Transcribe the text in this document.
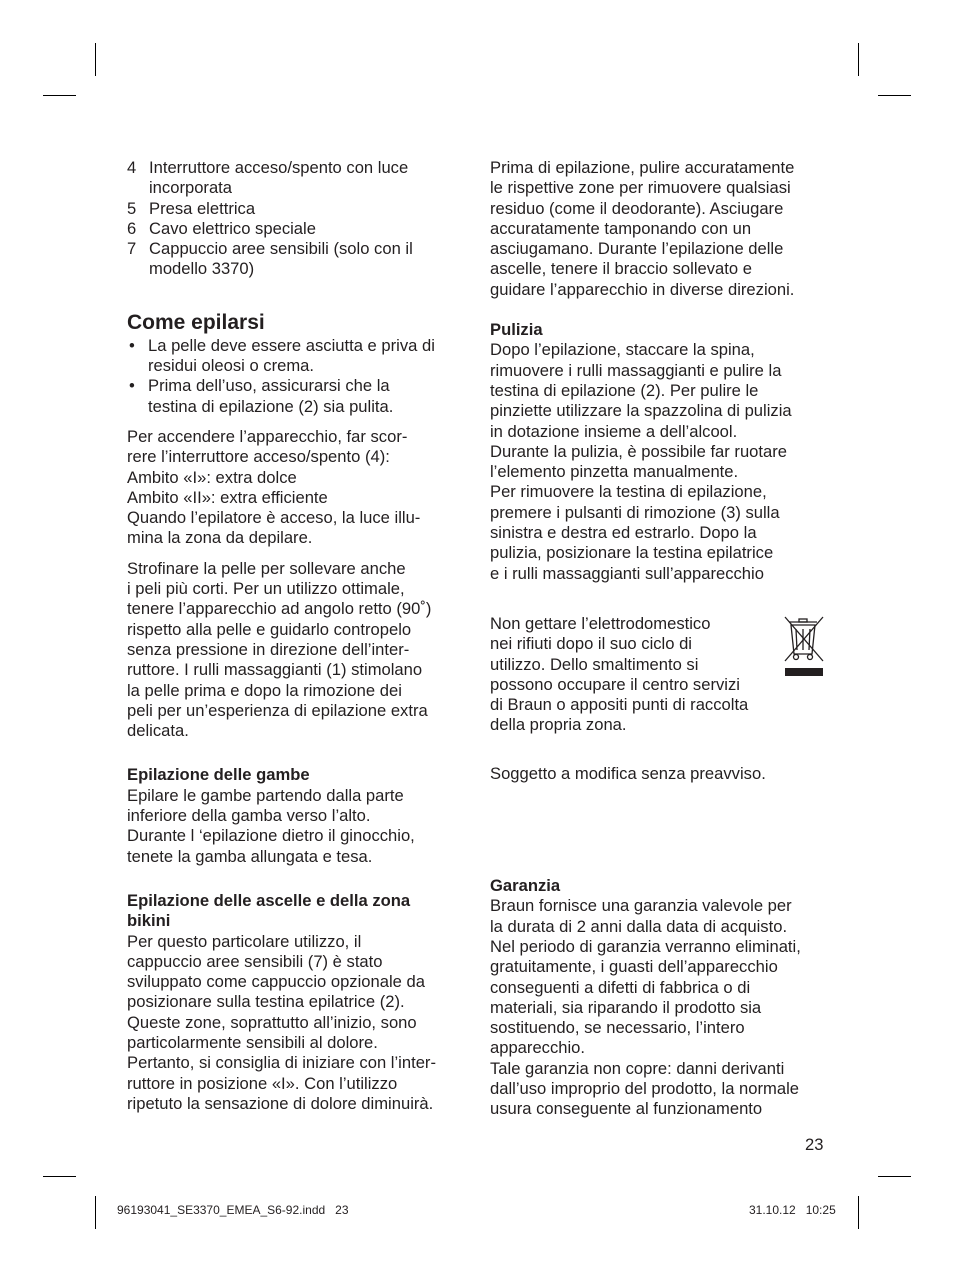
4 Interruttore acceso/spento con luce
incorporata
5 Presa elettrica
6 Cavo elettrico speciale
7 Cappuccio aree sensibili (solo con il
modello 3370)
Come epilarsi
• La pelle deve essere asciutta e priva di
residui oleosi o crema.
• Prima dell’uso, assicurarsi che la
testina di epilazione (2) sia pulita.
Per accendere l’apparecchio, far scor-
rere l’interruttore acceso/spento (4):
Ambito «I»: extra dolce
Ambito «II»: extra efficiente
Quando l’epilatore è acceso, la luce illu-
mina la zona da depilare.
Strofinare la pelle per sollevare anche
i peli più corti. Per un utilizzo ottimale,
tenere l’apparecchio ad angolo retto (90˚)
rispetto alla pelle e guidarlo contropelo
senza pressione in direzione dell’inter-
ruttore. I rulli massaggianti (1) stimolano
la pelle prima e dopo la rimozione dei
peli per un’esperienza di epilazione extra
delicata.
Epilazione delle gambe
Epilare le gambe partendo dalla parte
inferiore della gamba verso l’alto.
Durante l ‘epilazione dietro il ginocchio,
tenete la gamba allungata e tesa.
Epilazione delle ascelle e della zona
bikini
Per questo particolare utilizzo, il
cappuccio aree sensibili (7) è stato
sviluppato come cappuccio opzionale da
posizionare sulla testina epilatrice (2).
Queste zone, soprattutto all’inizio, sono
particolarmente sensibili al dolore.
Pertanto, si consiglia di iniziare con l’inter-
ruttore in posizione «I». Con l’utilizzo
ripetuto la sensazione di dolore diminuirà.
Prima di epilazione, pulire accuratamente
le rispettive zone per rimuovere qualsiasi
residuo (come il deodorante). Asciugare
accuratamente tamponando con un
asciugamano. Durante l’epilazione delle
ascelle, tenere il braccio sollevato e
guidare l’apparecchio in diverse direzioni.
Pulizia
Dopo l’epilazione, staccare la spina,
rimuovere i rulli massaggianti e pulire la
testina di epilazione (2). Per pulire le
pinziette utilizzare la spazzolina di pulizia
in dotazione insieme a dell’alcool.
Durante la pulizia, è possibile far ruotare
l’elemento pinzetta manualmente.
Per rimuovere la testina di epilazione,
premere i pulsanti di rimozione (3) sulla
sinistra e destra ed estrarlo. Dopo la
pulizia, posizionare la testina epilatrice
e i rulli massaggianti sull’apparecchio
Non gettare l’elettrodomestico
nei rifiuti dopo il suo ciclo di
utilizzo. Dello smaltimento si
possono occupare il centro servizi
di Braun o appositi punti di raccolta
della propria zona.
Soggetto a modifica senza preavviso.
Garanzia
Braun fornisce una garanzia valevole per
la durata di 2 anni dalla data di acquisto.
Nel periodo di garanzia verranno eliminati,
gratuitamente, i guasti dell’apparecchio
conseguenti a difetti di fabbrica o di
materiali, sia riparando il prodotto sia
sostituendo, se necessario, l’intero
apparecchio.
Tale garanzia non copre: danni derivanti
dall’uso improprio del prodotto, la normale
usura conseguente al funzionamento
23
96193041_SE3370_EMEA_S6-92.indd   23	31.10.12   10:25
